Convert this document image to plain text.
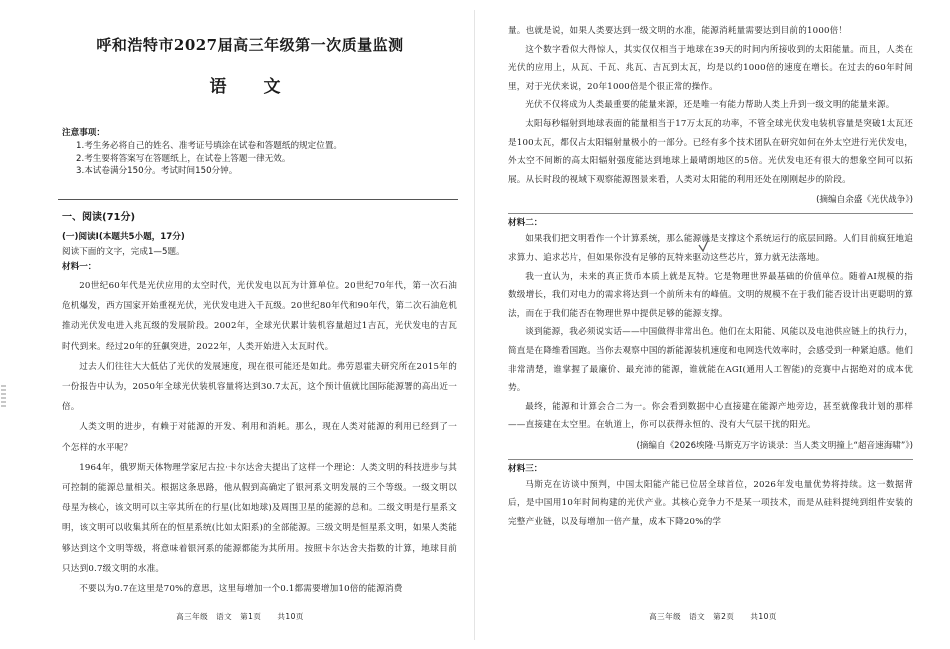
呼和浩特市2027届高三年级第一次质量监测
语　文
注意事项：
1.考生务必将自己的姓名、准考证号填涂在试卷和答题纸的规定位置。
2.考生要将答案写在答题纸上，在试卷上答题一律无效。
3.本试卷满分150分。考试时间150分钟。
一、阅读(71分)
(一)阅读Ⅰ(本题共5小题，17分)
阅读下面的文字，完成1—5题。
材料一：

20世纪60年代是光伏应用的太空时代，光伏发电以瓦为计算单位。20世纪70年代，第一次石油危机爆发，西方国家开始重视光伏，光伏发电进入千瓦级。20世纪80年代和90年代，第二次石油危机推动光伏发电进入兆瓦级的发展阶段。2002年，全球光伏累计装机容量超过1吉瓦，光伏发电的吉瓦时代到来。经过20年的狂飙突进，2022年，人类开始进入太瓦时代。

过去人们往往大大低估了光伏的发展速度，现在很可能还是如此。弗劳恩霍夫研究所在2015年的一份报告中认为，2050年全球光伏装机容量将达到30.7太瓦，这个预计值就比国际能源署的高出近一倍。

人类文明的进步，有赖于对能源的开发、利用和消耗。那么，现在人类对能源的利用已经到了一个怎样的水平呢？

1964年，俄罗斯天体物理学家尼古拉·卡尔达舍夫提出了这样一个理论：人类文明的科技进步与其可控制的能源总量相关。根据这条思路，他从假到高确定了银河系文明发展的三个等级。一级文明以母星为核心，该文明可以主宰其所在的行星(比如地球)及周围卫星的能源的总和。二级文明是行星系文明，该文明可以收集其所在的恒星系统(比如太阳系)的全部能源。三级文明是恒星系文明，如果人类能够达到这个文明等级，将意味着银河系的能源都能为其所用。按照卡尔达舍夫指数的计算，地球目前只达到0.7级文明的水准。

不要以为0.7在这里是70%的意思，这里每增加一个0.1都需要增加10倍的能源消费

高三年级　语文　第1页　　共10页

量。也就是说，如果人类要达到一级文明的水准，能源消耗量需要达到目前的1000倍！

这个数字看似大得惊人，其实仅仅相当于地球在39天的时间内所接收到的太阳能量。而且，人类在光伏的应用上，从瓦、千瓦、兆瓦、吉瓦到太瓦，均是以约1000倍的速度在增长。在过去的60年时间里，对于光伏来说，20年1000倍是个很正常的操作。

光伏不仅将成为人类最重要的能量来源，还是唯一有能力帮助人类上升到一级文明的能量来源。

太阳每秒辐射到地球表面的能量相当于17万太瓦的功率，不管全球光伏发电装机容量是突破1太瓦还是100太瓦，都仅占太阳辐射量极小的一部分。已经有多个技术团队在研究如何在外太空进行光伏发电，外太空不间断的高太阳辐射强度能达到地球上最晴朗地区的5倍。光伏发电还有很大的想象空间可以拓展。从长时段的视域下观察能源图景来看，人类对太阳能的利用还处在刚刚起步的阶段。

(摘编自余盛《光伏战争》)
材料二：

如果我们把文明看作一个计算系统，那么能源就是支撑这个系统运行的底层回路。人们目前疯狂地追求算力、追求芯片，但如果你没有足够的瓦特来驱动这些芯片，算力就无法落地。

我一直认为，未来的真正货币本质上就是瓦特。它是物理世界最基础的价值单位。随着AI规模的指数级增长，我们对电力的需求将达到一个前所未有的峰值。文明的规模不在于我们能否设计出更聪明的算法，而在于我们能否在物理世界中提供足够的能源支撑。

谈到能源，我必须说实话——中国做得非常出色。他们在太阳能、风能以及电池供应链上的执行力，简直是在降维看国跑。当你去观察中国的新能源装机速度和电网迭代效率时，会感受到一种紧迫感。他们非常清楚，谁掌握了最廉价、最充沛的能源，谁就能在AGI(通用人工智能)的竞赛中占据绝对的成本优势。

最终，能源和计算会合二为一。你会看到数据中心直接建在能源产地旁边，甚至就像我计划的那样——直接建在太空里。在轨道上，你可以获得永恒的、没有大气层干扰的阳光。

(摘编自《2026埃隆·马斯克万字访谈录：当人类文明撞上“超音速海啸”》)
材料三：

马斯克在访谈中预判，中国太阳能产能已位居全球首位，2026年发电量优势将持续。这一数据背后，是中国用10年时间构建的光伏产业。其核心竞争力不是某一项技术，而是从硅料提纯到组件安装的完整产业链，以及每增加一倍产量，成本下降20%的学

高三年级　语文　第2页　　共10页
